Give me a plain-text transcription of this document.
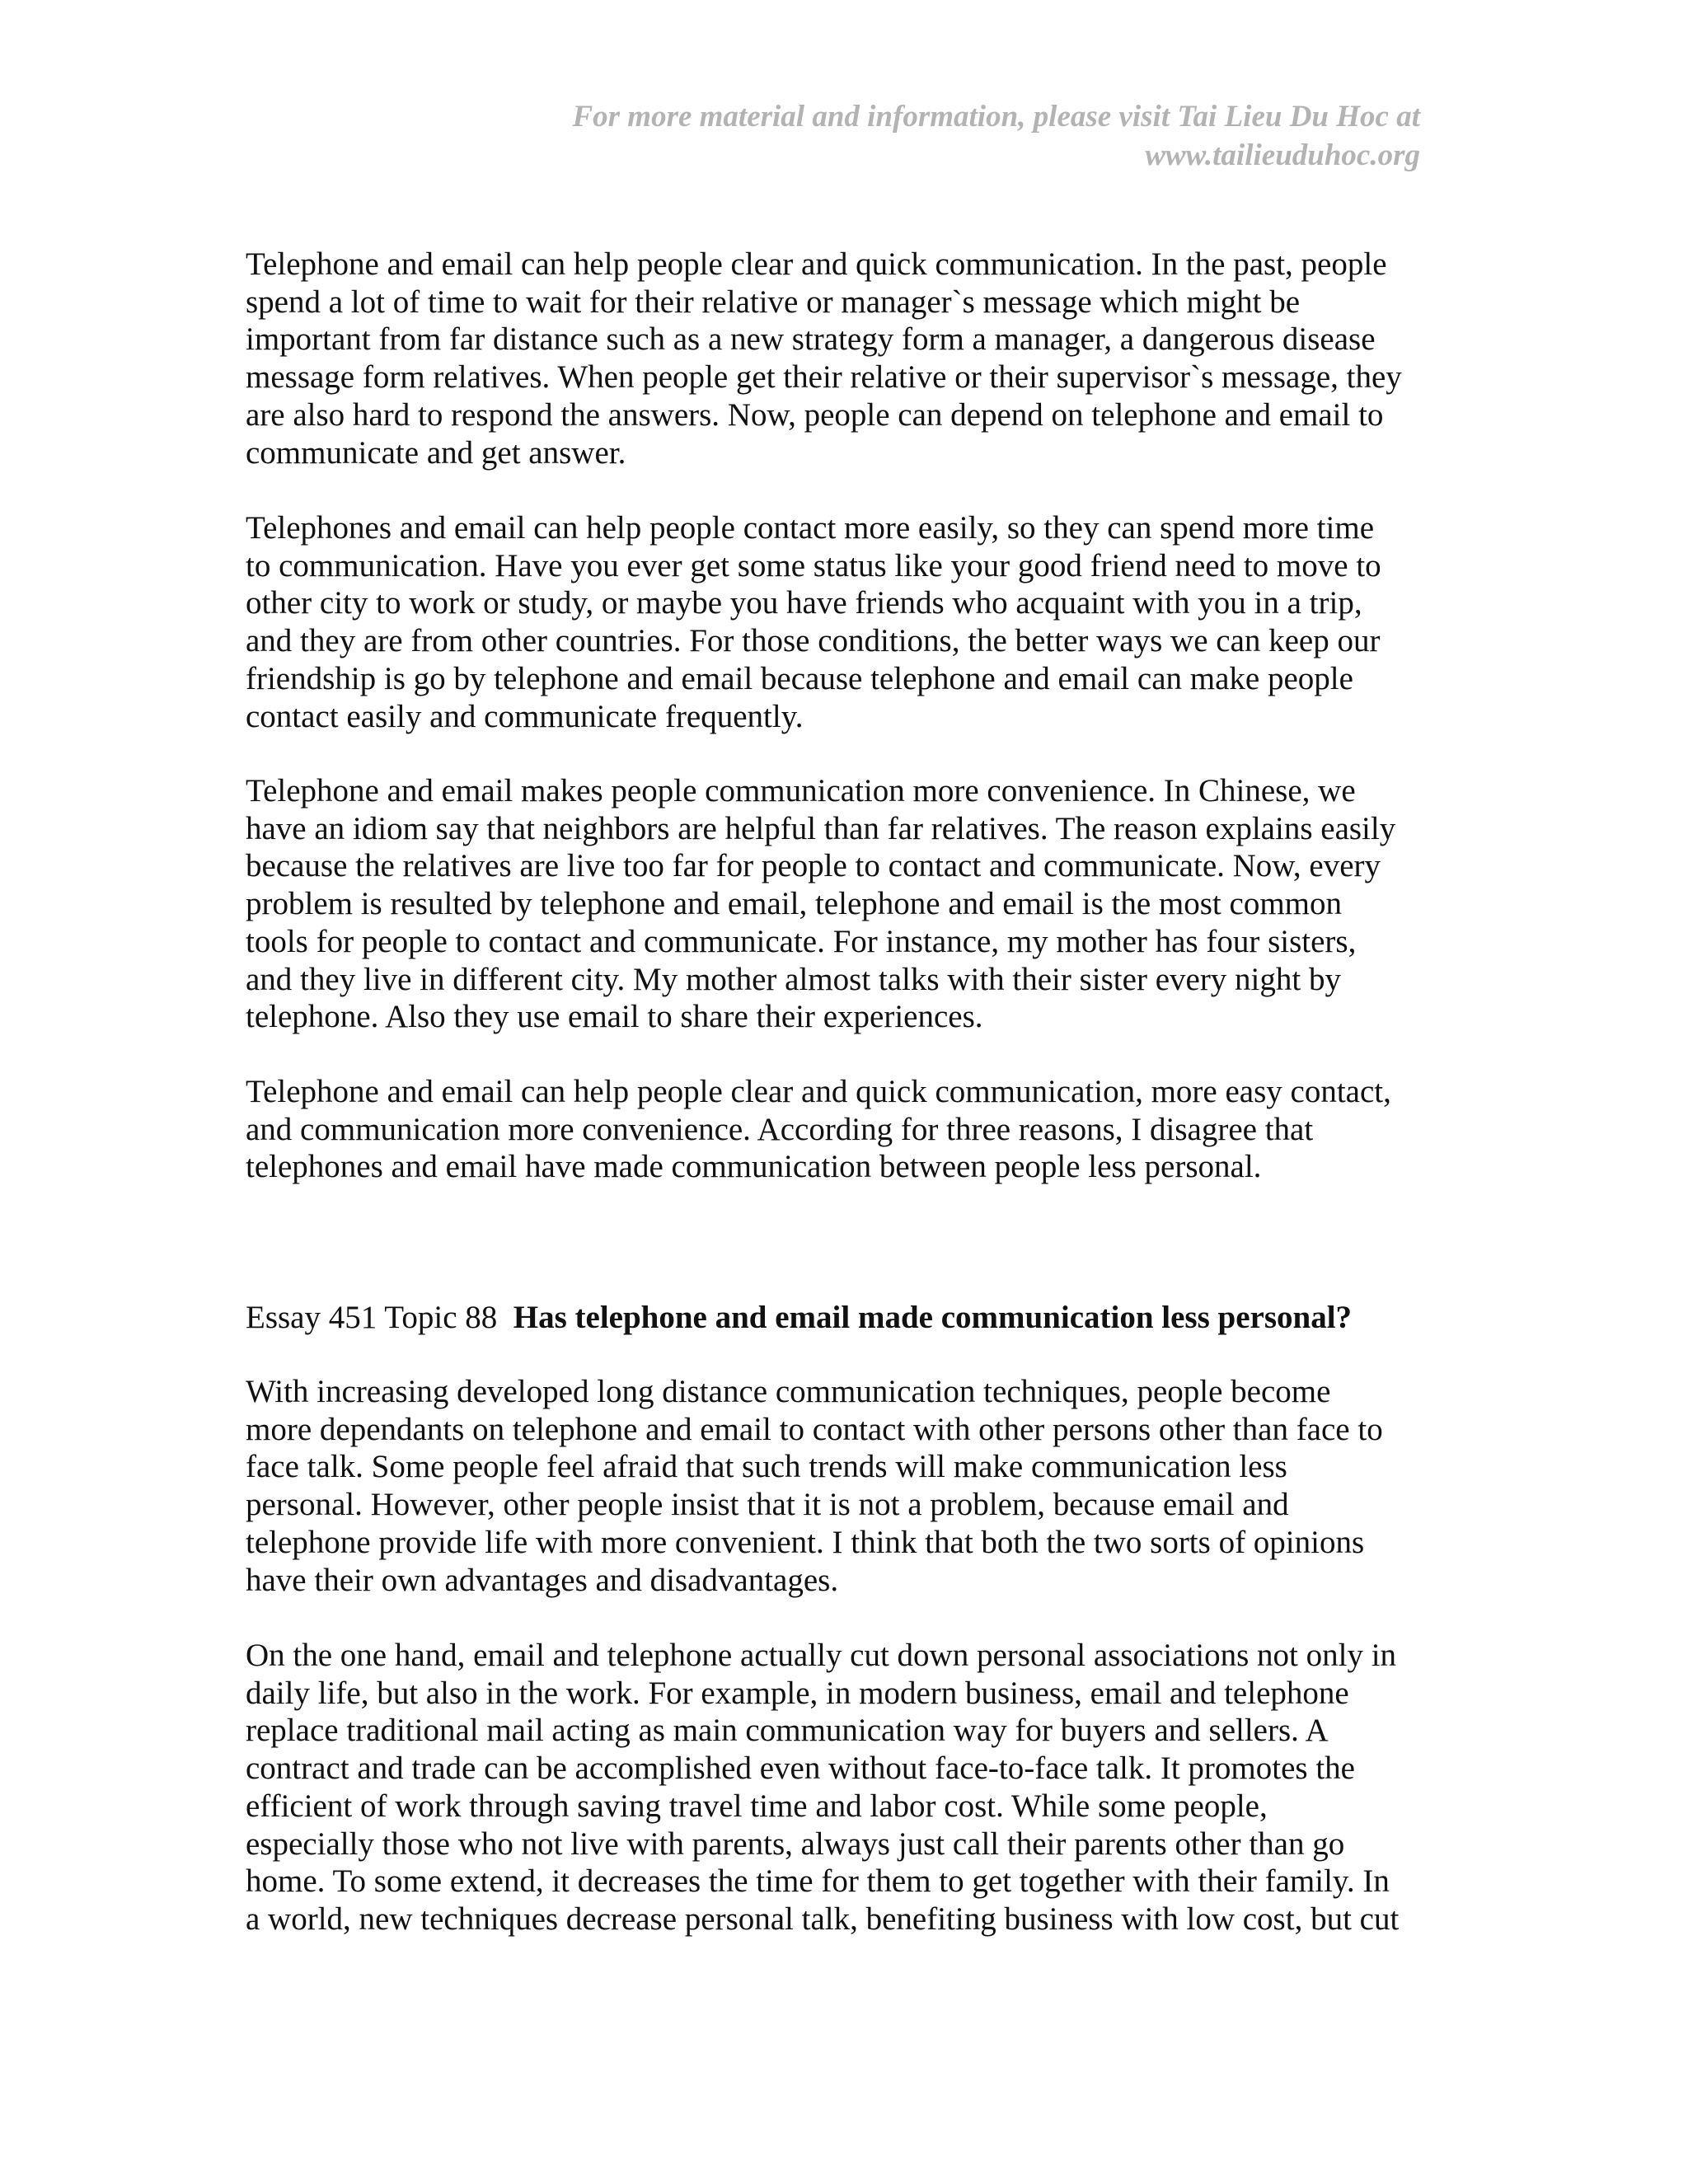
For more material and information, please visit Tai Lieu Du Hoc at
www.tailieuduhoc.org
Telephone and email can help people clear and quick communication. In the past, people
spend a lot of time to wait for their relative or manager`s message which might be
important from far distance such as a new strategy form a manager, a dangerous disease
message form relatives. When people get their relative or their supervisor`s message, they
are also hard to respond the answers. Now, people can depend on telephone and email to
communicate and get answer.
Telephones and email can help people contact more easily, so they can spend more time
to communication. Have you ever get some status like your good friend need to move to
other city to work or study, or maybe you have friends who acquaint with you in a trip,
and they are from other countries. For those conditions, the better ways we can keep our
friendship is go by telephone and email because telephone and email can make people
contact easily and communicate frequently.
Telephone and email makes people communication more convenience. In Chinese, we
have an idiom say that neighbors are helpful than far relatives. The reason explains easily
because the relatives are live too far for people to contact and communicate. Now, every
problem is resulted by telephone and email, telephone and email is the most common
tools for people to contact and communicate. For instance, my mother has four sisters,
and they live in different city. My mother almost talks with their sister every night by
telephone. Also they use email to share their experiences.
Telephone and email can help people clear and quick communication, more easy contact,
and communication more convenience. According for three reasons, I disagree that
telephones and email have made communication between people less personal.
Essay 451 Topic 88 Has telephone and email made communication less personal?
With increasing developed long distance communication techniques, people become
more dependants on telephone and email to contact with other persons other than face to
face talk. Some people feel afraid that such trends will make communication less
personal. However, other people insist that it is not a problem, because email and
telephone provide life with more convenient. I think that both the two sorts of opinions
have their own advantages and disadvantages.
On the one hand, email and telephone actually cut down personal associations not only in
daily life, but also in the work. For example, in modern business, email and telephone
replace traditional mail acting as main communication way for buyers and sellers. A
contract and trade can be accomplished even without face-to-face talk. It promotes the
efficient of work through saving travel time and labor cost. While some people,
especially those who not live with parents, always just call their parents other than go
home. To some extend, it decreases the time for them to get together with their family. In
a world, new techniques decrease personal talk, benefiting business with low cost, but cut
